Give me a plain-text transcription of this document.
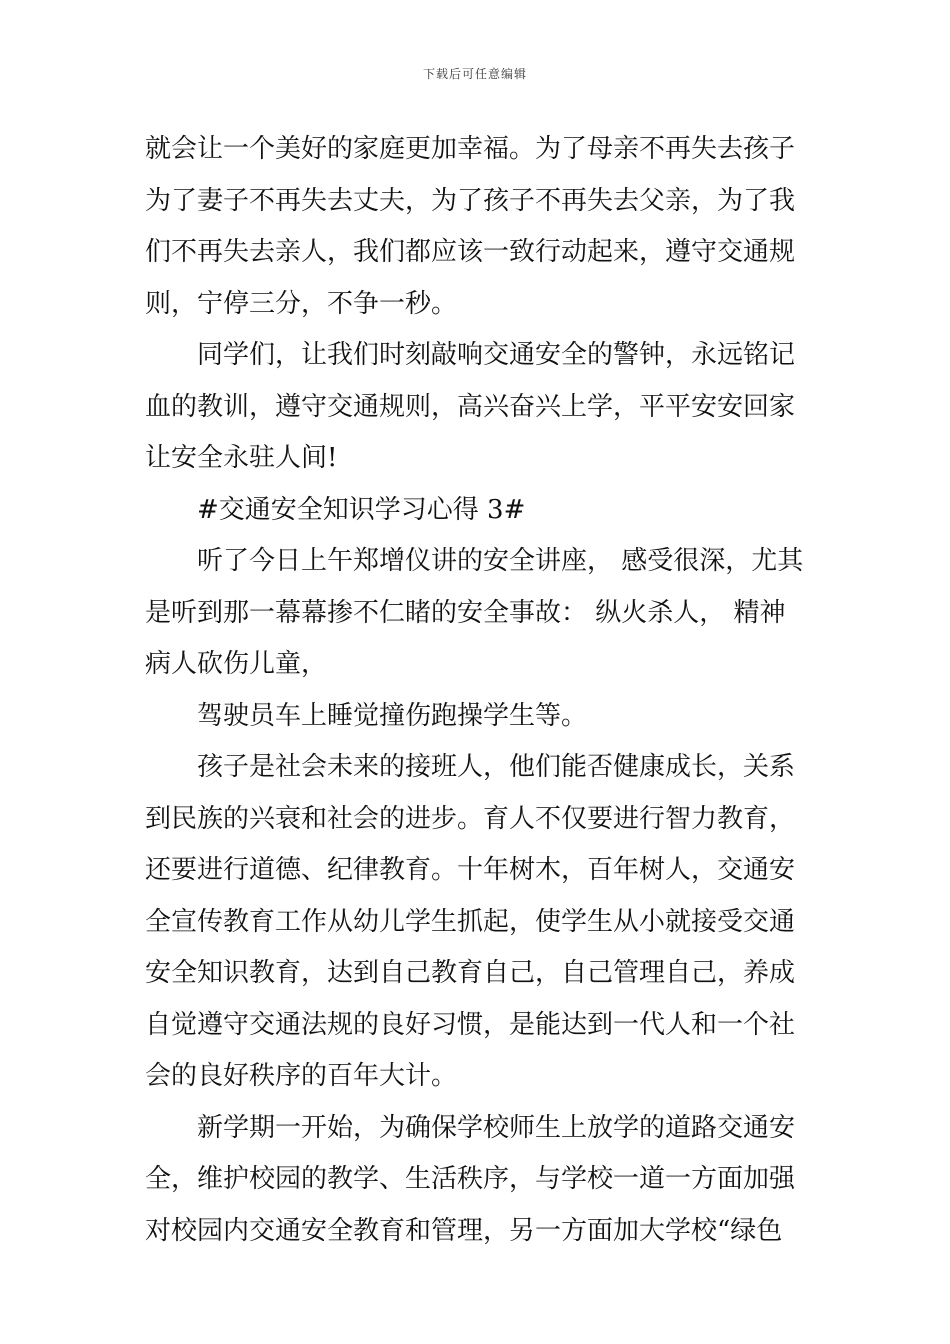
下载后可任意编辑
就会让一个美好的家庭更加幸福。为了母亲不再失去孩子
为了妻子不再失去丈夫，为了孩子不再失去父亲，为了我
们不再失去亲人，我们都应该一致行动起来，遵守交通规
则，宁停三分，不争一秒。
同学们，让我们时刻敲响交通安全的警钟，永远铭记
血的教训，遵守交通规则，高兴奋兴上学，平平安安回家
让安全永驻人间!
#交通安全知识学习心得 3#
听了今日上午郑增仪讲的安全讲座， 感受很深，尤其
是听到那一幕幕掺不仁睹的安全事故： 纵火杀人， 精神
病人砍伤儿童，
驾驶员车上睡觉撞伤跑操学生等。
孩子是社会未来的接班人，他们能否健康成长，关系
到民族的兴衰和社会的进步。育人不仅要进行智力教育，
还要进行道德、纪律教育。十年树木，百年树人，交通安
全宣传教育工作从幼儿学生抓起，使学生从小就接受交通
安全知识教育，达到自己教育自己，自己管理自己，养成
自觉遵守交通法规的良好习惯，是能达到一代人和一个社
会的良好秩序的百年大计。
新学期一开始，为确保学校师生上放学的道路交通安
全，维护校园的教学、生活秩序，与学校一道一方面加强
对校园内交通安全教育和管理，另一方面加大学校“绿色
